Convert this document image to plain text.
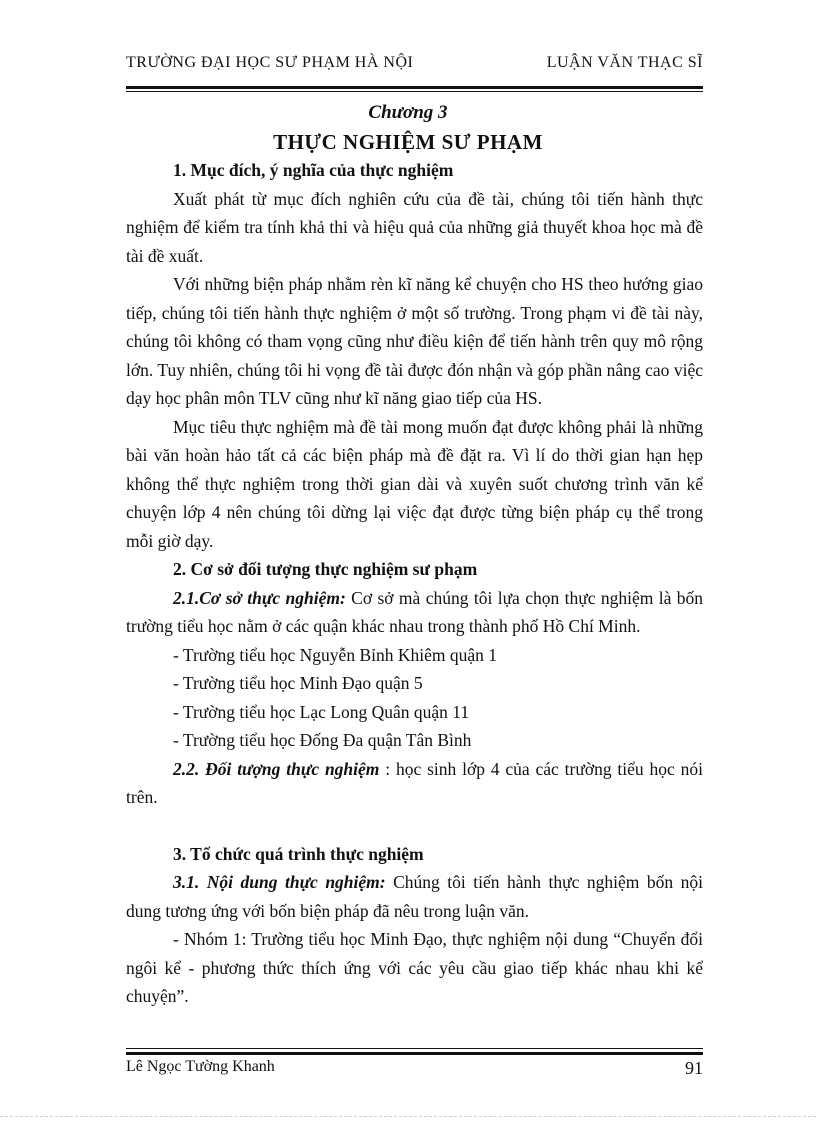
TRƯỜNG ĐẠI HỌC SƯ PHẠM HÀ NỘI	LUẬN VĂN THẠC SĨ
Chương 3
THỰC NGHIỆM SƯ PHẠM

1. Mục đích, ý nghĩa của thực nghiệm

Xuất phát từ mục đích nghiên cứu của đề tài, chúng tôi tiến hành thực nghiệm để kiểm tra tính khả thi và hiệu quả của những giả thuyết khoa học mà đề tài đề xuất.

Với những biện pháp nhằm rèn kĩ năng kể chuyện cho HS theo hướng giao tiếp, chúng tôi tiến hành thực nghiệm ở một số trường. Trong phạm vi đề tài này, chúng tôi không có tham vọng cũng như điều kiện để tiến hành trên quy mô rộng lớn. Tuy nhiên, chúng tôi hi vọng đề tài được đón nhận và góp phần nâng cao việc dạy học phân môn TLV cũng như kĩ năng giao tiếp của HS.

Mục tiêu thực nghiệm mà đề tài mong muốn đạt được không phải là những bài văn hoàn hảo tất cả các biện pháp mà đề đặt ra. Vì lí do thời gian hạn hẹp không thể thực nghiệm trong thời gian dài và xuyên suốt chương trình văn kể chuyện lớp 4 nên chúng tôi dừng lại việc đạt được từng biện pháp cụ thể trong mỗi giờ dạy.

2. Cơ sở đối tượng thực nghiệm sư phạm

2.1.Cơ sở thực nghiệm: Cơ sở mà chúng tôi lựa chọn thực nghiệm là bốn trường tiểu học nằm ở các quận khác nhau trong thành phố Hồ Chí Minh.

- Trường tiểu học Nguyễn Bỉnh Khiêm quận 1

- Trường tiểu học Minh Đạo quận 5

- Trường tiểu học Lạc Long Quân quận 11

- Trường tiểu học Đống Đa quận Tân Bình

2.2. Đối tượng thực nghiệm : học sinh lớp 4 của các trường tiểu học nói trên.

3. Tổ chức quá trình thực nghiệm

3.1. Nội dung thực nghiệm: Chúng tôi tiến hành thực nghiệm bốn nội dung tương ứng với bốn biện pháp đã nêu trong luận văn.

- Nhóm 1: Trường tiểu học Minh Đạo, thực nghiệm nội dung “Chuyển đổi ngôi kể - phương thức thích ứng với các yêu cầu giao tiếp khác nhau khi kể chuyện”.

Lê Ngọc Tường Khanh	91
